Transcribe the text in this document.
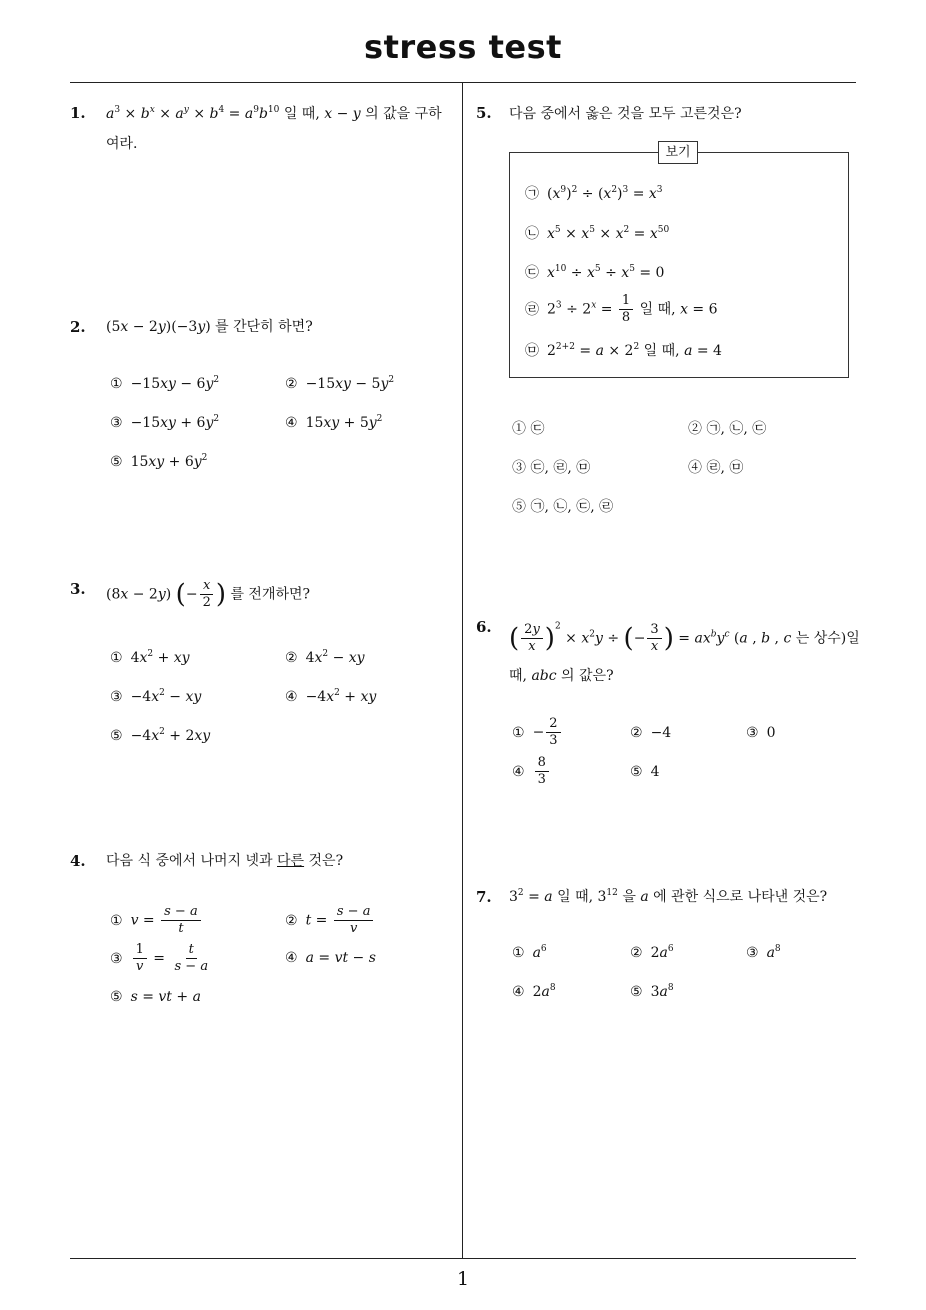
stress test
1
1. $a^3 \times b^x \times a^y \times b^4 = a^9b^{10}$ 일 때, x − y 의 값을 구하
여라.
2. (5x − 2y)(−3y) 를 간단히 하면?
① $-15xy - 6y^2$	② $-15xy - 5y^2$
③ $-15xy + 6y^2$	④ $15xy + 5y^2$
⑤ $15xy + 6y^2$
3. (8x − 2y) (− $\frac{x}{2}$ ) 를 전개하면?
① $4x^2$ + xy	② $4x^2$ − xy
③ $-4x^2$ − xy	④ $-4x^2$ + xy
⑤ $-4x^2 + 2xy$
4. 다음 식 중에서 나머지 넷과 다른 것은?
① $v = \frac{s - a}{t}$	② $t = \frac{s - a}{v}$
③ $\frac{1}{v} = \frac{t}{s - a}$	④ a = vt − s
⑤ s = vt + a
5. 다음 중에서 옳은 것을 모두 고른것은?
보기
㉠ $(x^9)^2 \div (x^2)^3 = x^3$
㉡ $x^5 \times x^5 \times x^2 = x^{50}$
㉢ $x^{10} \div x^5 \div x^5 = 0$
㉣ $2^3 \div 2^x = \frac{1}{8}$ 일 때, x = 6
㉤ $2^{2+2} = a \times 2^2$ 일 때, a = 4
① ㉢	② ㉠, ㉡, ㉢
③ ㉢, ㉣, ㉤	④ ㉣, ㉤
⑤ ㉠, ㉡, ㉢, ㉣
6. ( $\frac{2y}{x} )^2 \times x^2y$ ÷ (− $\frac{3}{x}$ ) = $ax^by^c$ (a , b , c 는 상수)일
때, abc 의 값은?
① − $\frac{2}{3}$	② −4	③ 0
④ $\frac{8}{3}$	⑤ 4
7. $3^2 = a$ 일 때, $3^{12}$ 을 a 에 관한 식으로 나타낸 것은?
① $a^6$	② $2a^6$	③ $a^8$
④ $2a^8$	⑤ $3a^8$
